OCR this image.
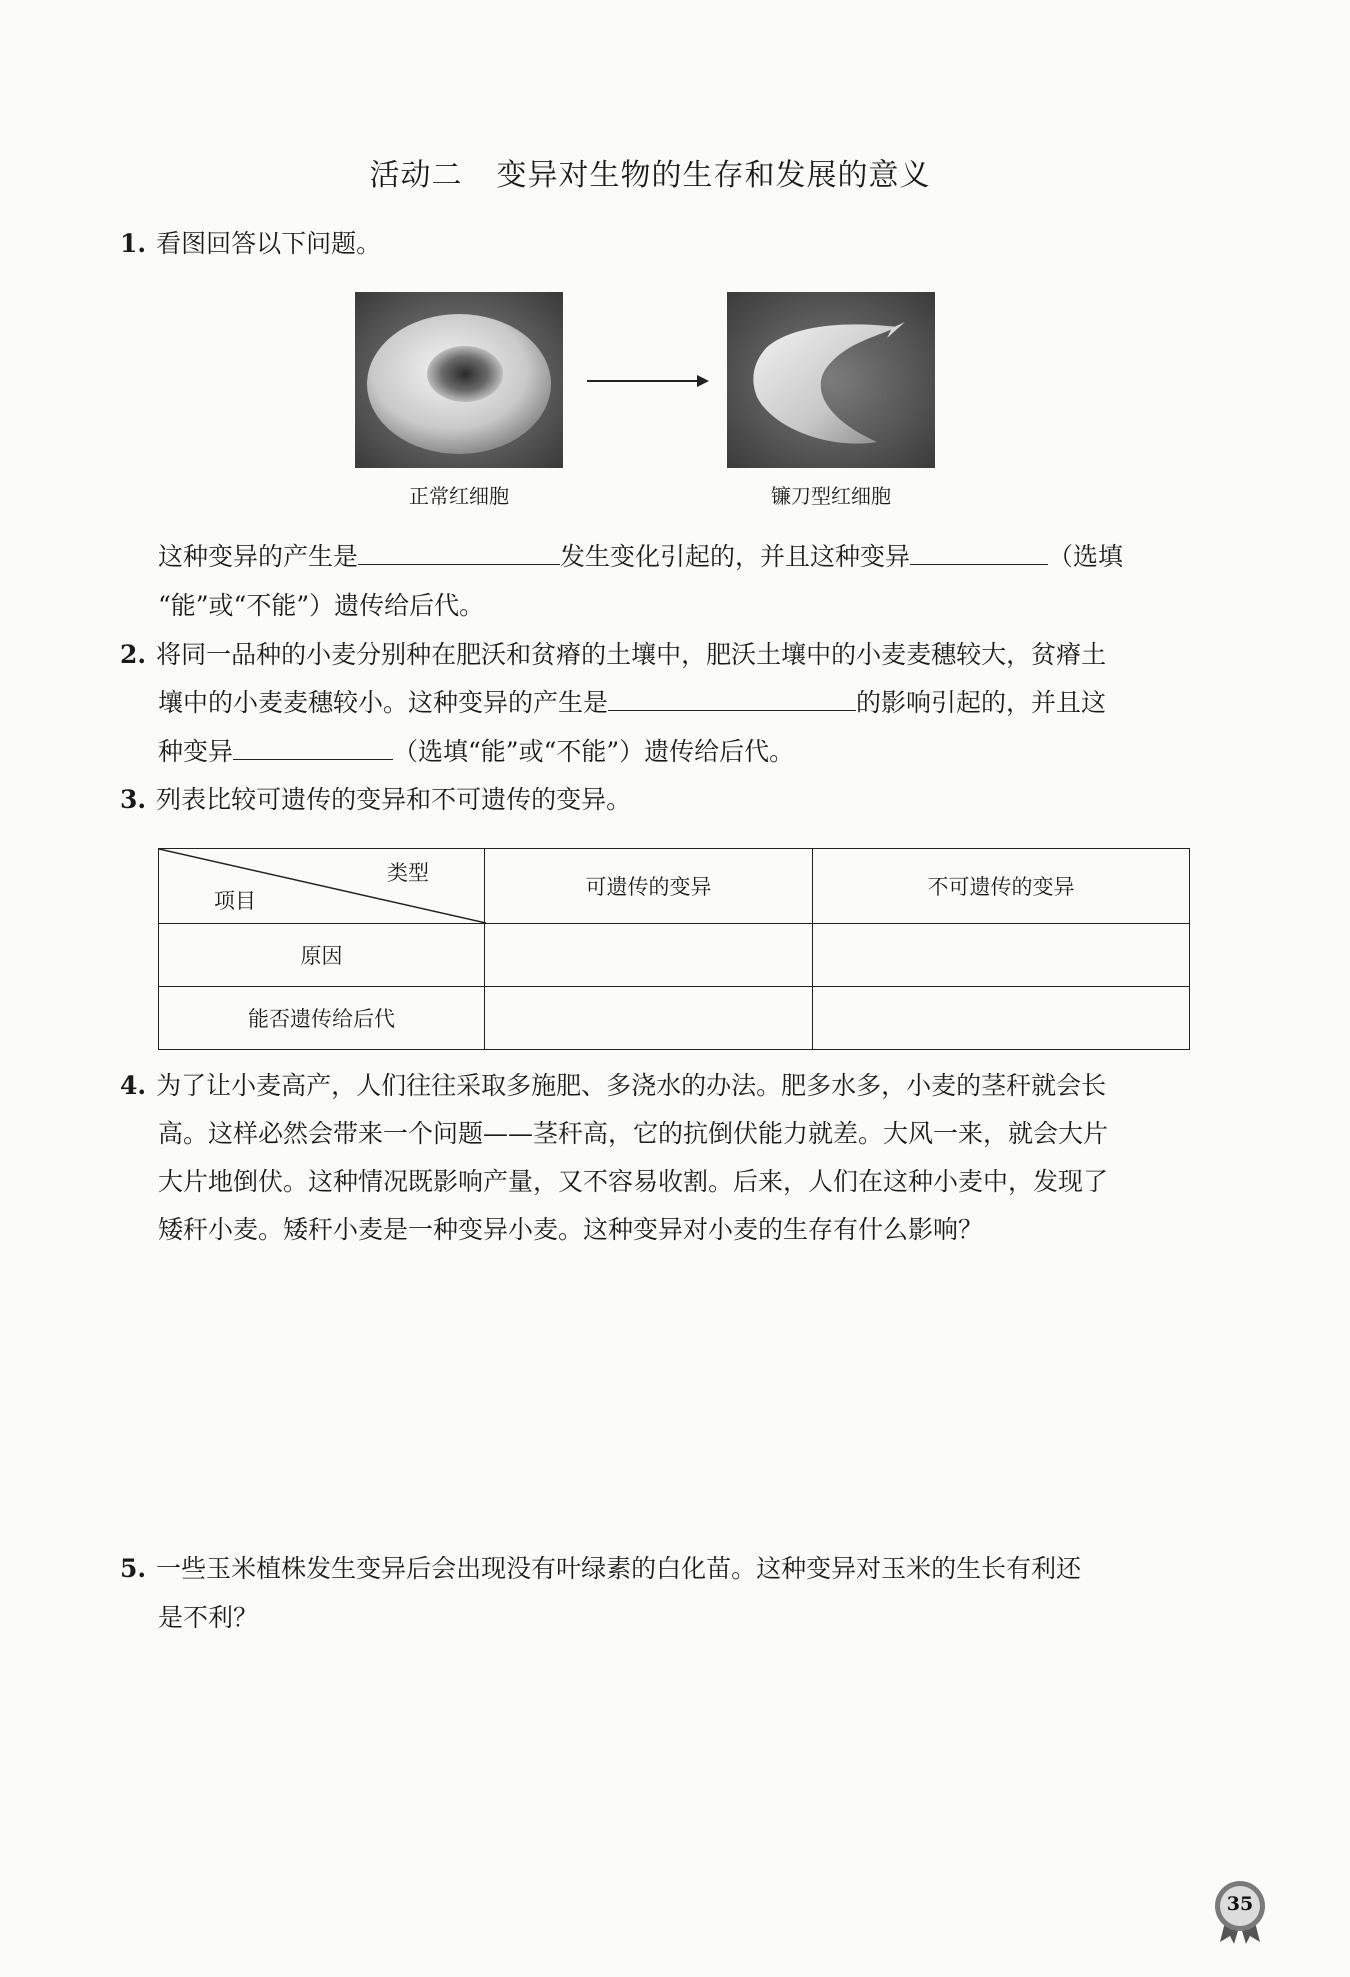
活动二 变异对生物的生存和发展的意义
1. 看图回答以下问题。
正常红细胞	镰刀型红细胞
这种变异的产生是	发生变化引起的，并且这种变异	（选填
“能”或“不能”）遗传给后代。
2. 将同一品种的小麦分别种在肥沃和贫瘠的土壤中，肥沃土壤中的小麦麦穗较大，贫瘠土
壤中的小麦麦穗较小。这种变异的产生是	的影响引起的，并且这
种变异	（选填“能”或“不能”）遗传给后代。
3. 列表比较可遗传的变异和不可遗传的变异。
类型
项目	可遗传的变异	不可遗传的变异
原因		
能否遗传给后代		
4. 为了让小麦高产，人们往往采取多施肥、多浇水的办法。肥多水多，小麦的茎秆就会长
高。这样必然会带来一个问题——茎秆高，它的抗倒伏能力就差。大风一来，就会大片
大片地倒伏。这种情况既影响产量，又不容易收割。后来，人们在这种小麦中，发现了
矮秆小麦。矮秆小麦是一种变异小麦。这种变异对小麦的生存有什么影响？
5. 一些玉米植株发生变异后会出现没有叶绿素的白化苗。这种变异对玉米的生长有利还
是不利？
35
